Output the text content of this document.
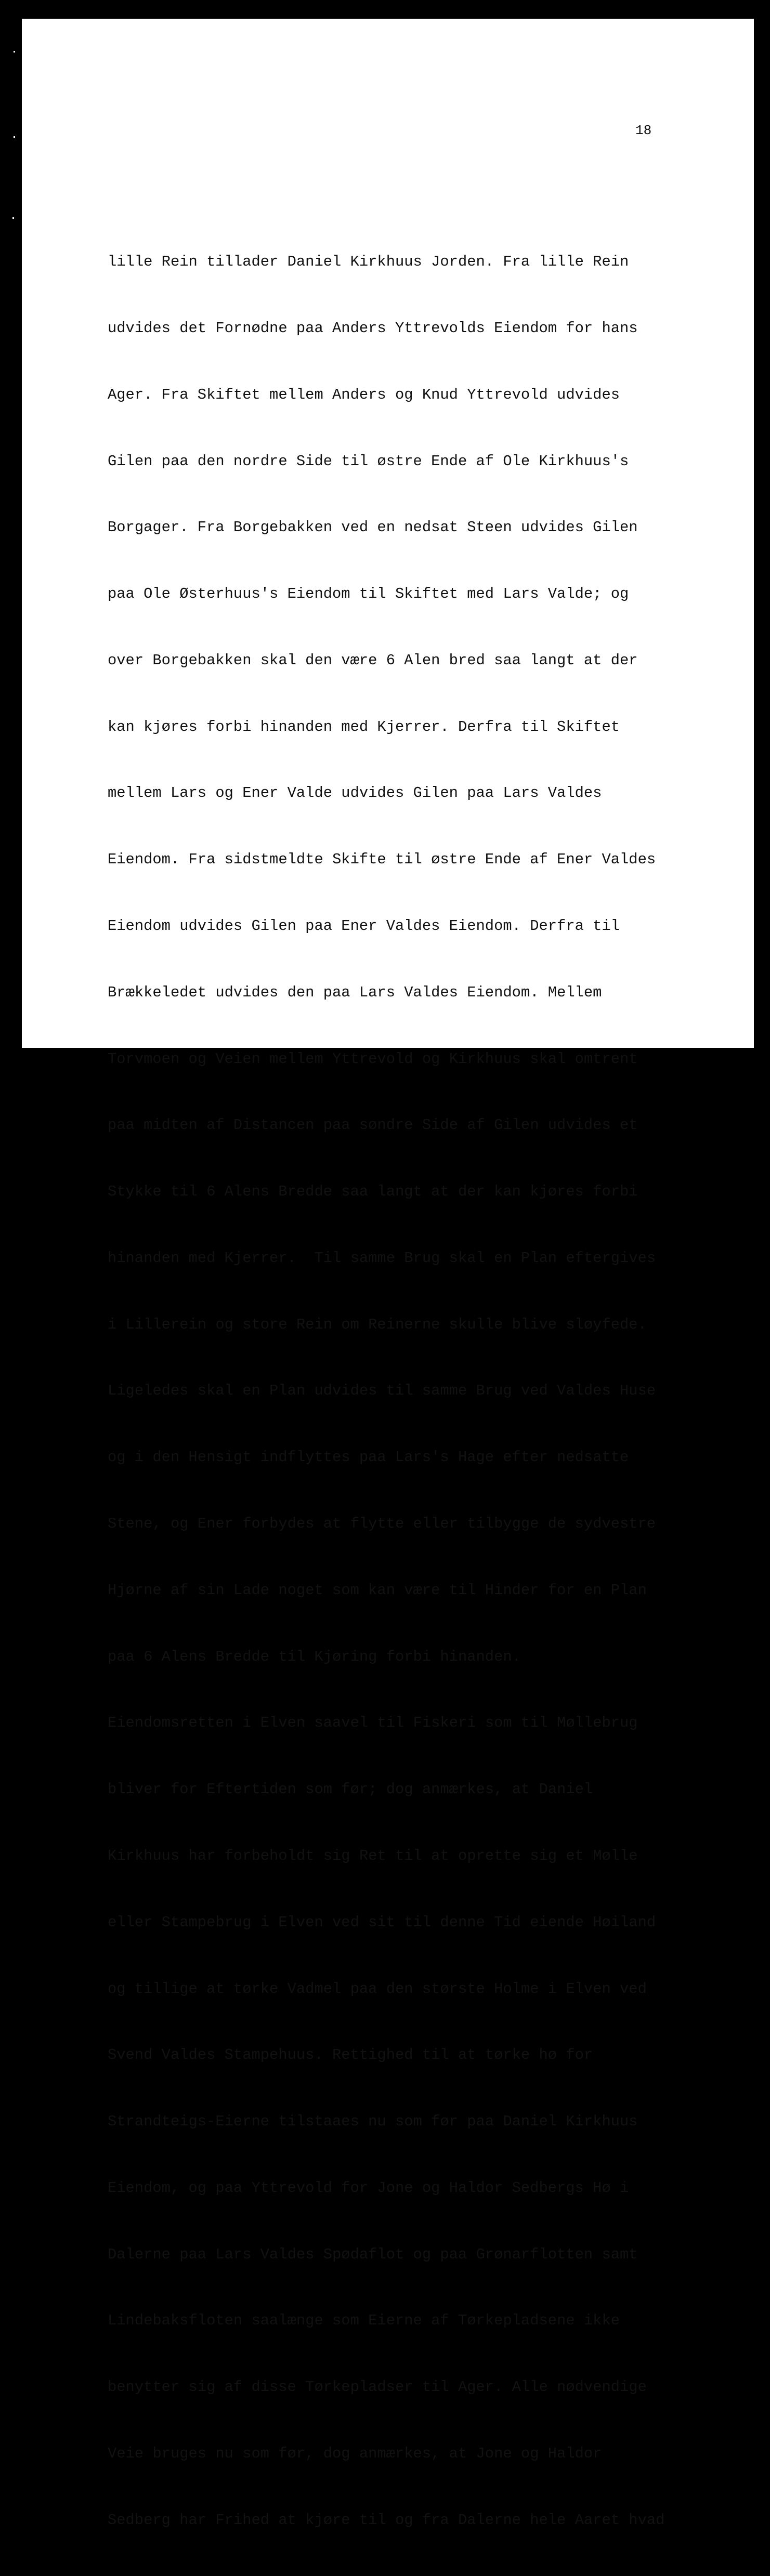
18

lille Rein tillader Daniel Kirkhuus Jorden. Fra lille Rein

udvides det Fornødne paa Anders Yttrevolds Eiendom for hans

Ager. Fra Skiftet mellem Anders og Knud Yttrevold udvides

Gilen paa den nordre Side til østre Ende af Ole Kirkhuus's

Borgager. Fra Borgebakken ved en nedsat Steen udvides Gilen

paa Ole Østerhuus's Eiendom til Skiftet med Lars Valde; og

over Borgebakken skal den være 6 Alen bred saa langt at der

kan kjøres forbi hinanden med Kjerrer. Derfra til Skiftet

mellem Lars og Ener Valde udvides Gilen paa Lars Valdes

Eiendom. Fra sidstmeldte Skifte til østre Ende af Ener Valdes

Eiendom udvides Gilen paa Ener Valdes Eiendom. Derfra til

Brækkeledet udvides den paa Lars Valdes Eiendom. Mellem

Torvmoen og Veien mellem Yttrevold og Kirkhuus skal omtrent

paa midten af Distancen paa søndre Side af Gilen udvides et

Stykke til 6 Alens Bredde saa langt at der kan kjøres forbi

hinanden med Kjerrer.  Til samme Brug skal en Plan eftergives

i Lillerein og store Rein om Reinerne skulle blive sløyfede.

Ligeledes skal en Plan udvides til samme Brug ved Valdes Huse

og i den Hensigt indflyttes paa Lars's Hage efter nedsatte

Stene, og Ener forbydes at flytte eller tilbygge de sydvestre

Hjørne af sin Lade noget som kan være til Hinder for en Plan

paa 6 Alens Bredde til Kjøring forbi hinanden.

Eiendomsretten i Elven saavel til Fiskeri som til Møllebrug

bliver for Eftertiden som før; dog anmærkes, at Daniel

Kirkhuus har forbeholdt sig Ret til at oprette sig et Mølle

eller Stampebrug i Elven ved sit til denne Tid eiende Høiland

og tillige at tørke Vadmel paa den største Holme i Elven ved

Svend Valdes Stampehuus. Rettighed til at tørke hø for

Strandteigs-Eierne tilstaaes nu som før paa Daniel Kirkhuus

Eiendom, og paa Yttrevold for Jone og Haldor Sedbergs Hø i

Dalerne paa Lars Valdes Spødaflot og paa Grønarflotten samt

Lindebaksfloten saalænge som Eierne af Tørkepladsene ikke

benytter sig af disse Tørkepladser til Ager. Alle nødvendige

Veie bruges nu som før, dog anmærkes, at Jone og Haldor

Sedberg har Frihed at kjøre til og fra Dalerne hele Aaret hvad
